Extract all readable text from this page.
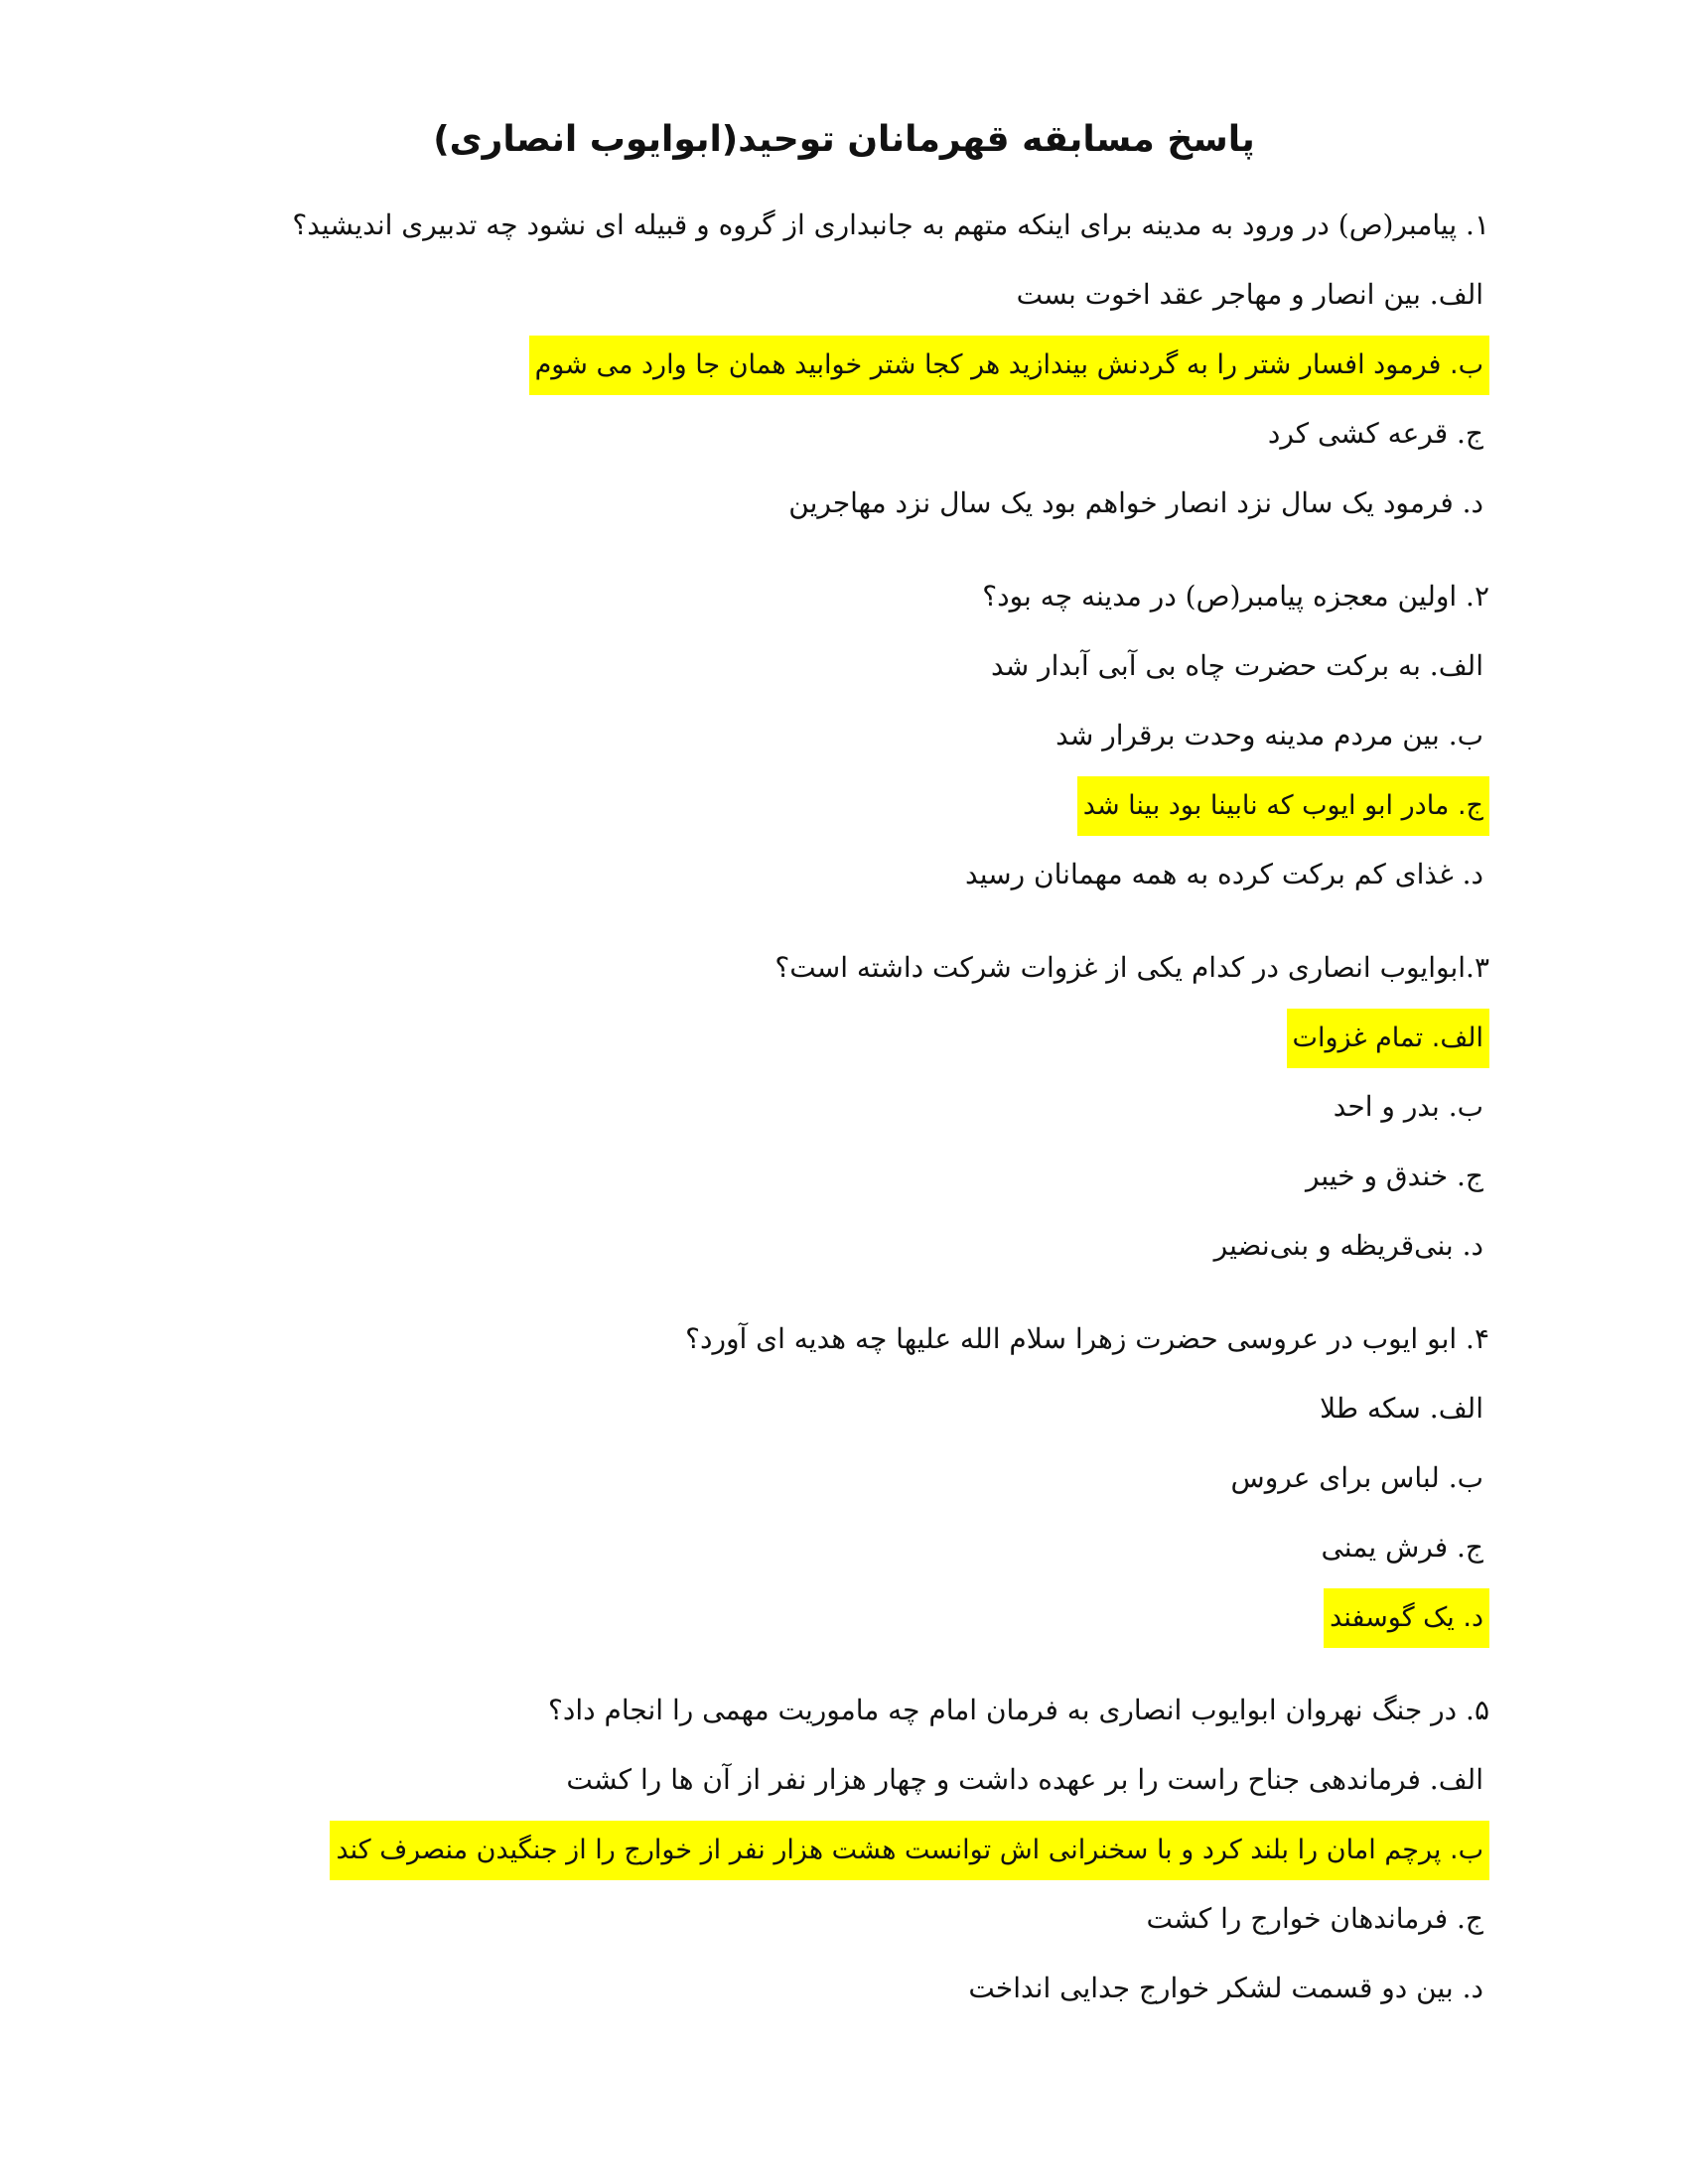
پاسخ مسابقه قهرمانان توحید(ابوایوب انصاری)
۱. پیامبر(ص) در ورود به مدینه برای اینکه متهم به جانبداری از گروه و قبیله ای نشود چه تدبیری اندیشید؟
الف. بین انصار و مهاجر عقد اخوت بست
ب. فرمود افسار شتر را به گردنش بیندازید هر کجا شتر خوابید همان جا وارد می شوم
ج. قرعه کشی کرد
د. فرمود یک سال نزد انصار خواهم بود یک سال نزد مهاجرین
۲. اولین معجزه پیامبر(ص) در مدینه چه بود؟
الف. به برکت حضرت چاه بی آبی آبدار شد
ب. بین مردم مدینه وحدت برقرار شد
ج. مادر ابو ایوب که نابینا بود بینا شد
د. غذای کم برکت کرده به همه مهمانان رسید
۳.ابوایوب انصاری در کدام یکی از غزوات شرکت داشته است؟
الف. تمام غزوات
ب. بدر و احد
ج. خندق و خیبر
د. بنی‌قریظه و بنی‌نضیر
۴. ابو ایوب در عروسی حضرت زهرا سلام الله علیها چه هدیه ای آورد؟
الف. سکه طلا
ب. لباس برای عروس
ج. فرش یمنی
د. یک گوسفند
۵. در جنگ نهروان ابوایوب انصاری به فرمان امام چه ماموریت مهمی را انجام داد؟
الف. فرماندهی جناح راست را بر عهده داشت و چهار هزار نفر از آن ها را کشت
ب. پرچم امان را بلند کرد و با سخنرانی اش توانست هشت هزار نفر از خوارج را از جنگیدن منصرف کند
ج. فرماندهان خوارج را کشت
د. بین دو قسمت لشکر خوارج جدایی انداخت
